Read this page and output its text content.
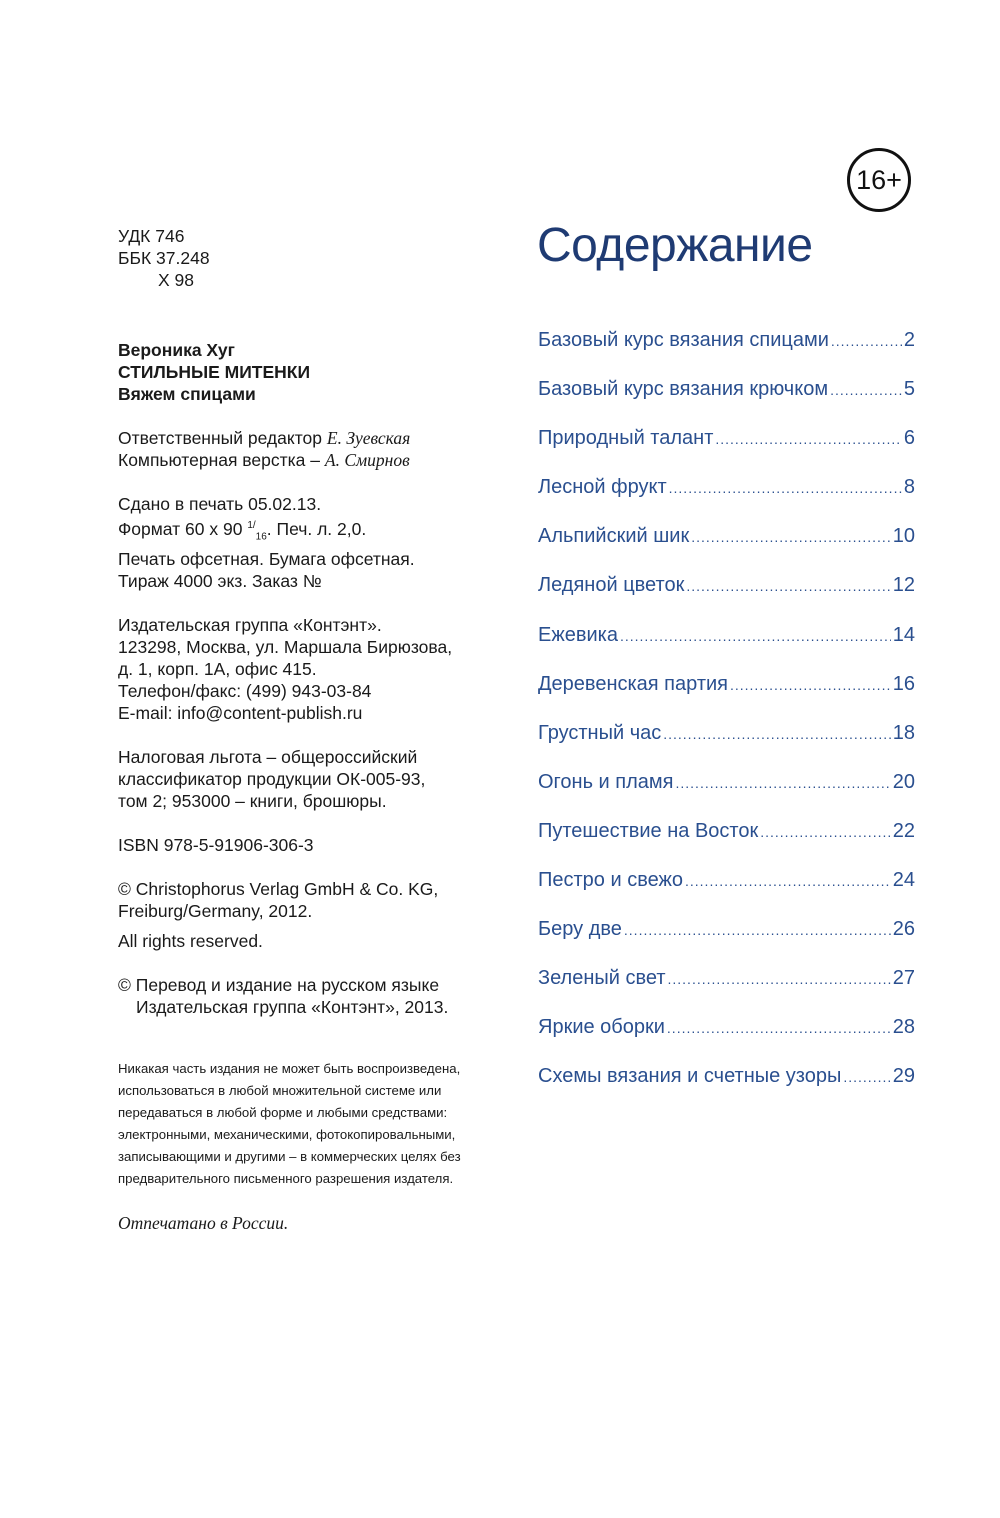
УДК 746
ББК 37.248
Х 98
Вероника Хуг
СТИЛЬНЫЕ МИТЕНКИ
Вяжем спицами
Ответственный редактор Е. Зуевская
Компьютерная верстка – А. Смирнов
Сдано в печать 05.02.13.
Формат 60 х 90 $^{1/}_{16}$. Печ. л. 2,0.
Печать офсетная. Бумага офсетная.
Тираж 4000 экз. Заказ №
Издательская группа «Контэнт».
123298, Москва, ул. Маршала Бирюзова,
д. 1, корп. 1А, офис 415.
Телефон/факс: (499) 943-03-84
E-mail: info@content-publish.ru
Налоговая льгота – общероссийский
классификатор продукции ОК-005-93,
том 2; 953000 – книги, брошюры.
ISBN 978-5-91906-306-3
© Christophorus Verlag GmbH & Co. KG,
Freiburg/Germany, 2012.
All rights reserved.
© Перевод и издание на русском языке
Издательская группа «Контэнт», 2013.
Никакая часть издания не может быть воспроизведена,
использоваться в любой множительной системе или
передаваться в любой форме и любыми средствами:
электронными, механическими, фотокопировальными,
записывающими и другими – в коммерческих целях без
предварительного письменного разрешения издателя.
Отпечатано в России.
16+
Содержание
Базовый курс вязания спицами .....	2
Базовый курс вязания крючком .....	5
Природный талант .....	6
Лесной фрукт .....	8
Альпийский шик .....	10
Ледяной цветок .....	12
Ежевика .....	14
Деревенская партия .....	16
Грустный час .....	18
Огонь и пламя .....	20
Путешествие на Восток .....	22
Пестро и свежо .....	24
Беру две .....	26
Зеленый свет .....	27
Яркие оборки .....	28
Схемы вязания и счетные узоры .....	29
